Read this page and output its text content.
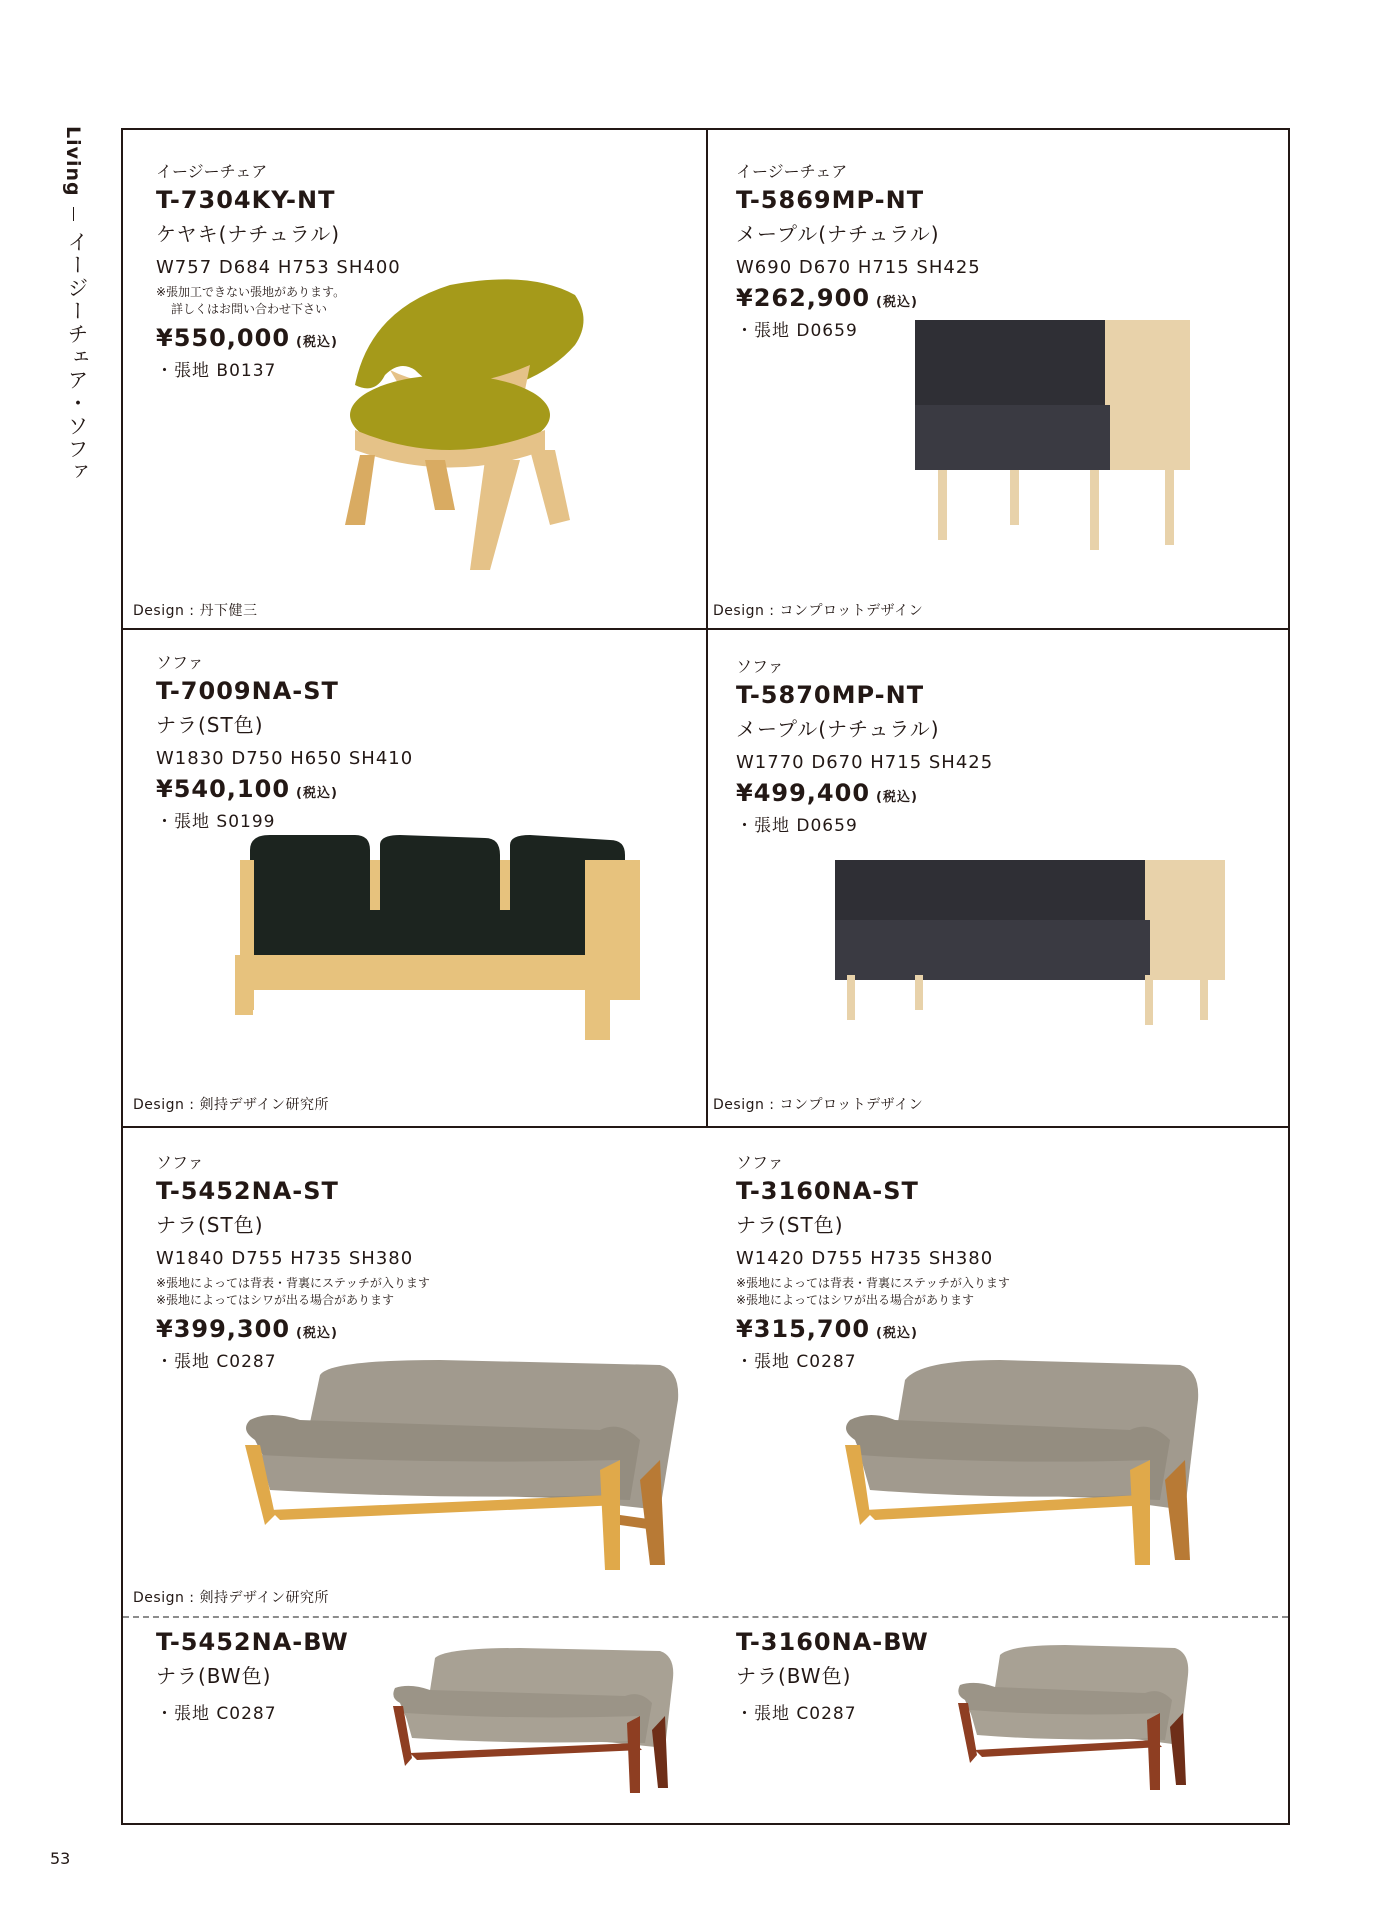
Living
イージーチェア・ソファ
イージーチェア
T-7304KY-NT
ケヤキ(ナチュラル)
W757 D684 H753 SH400
※張加工できない張地があります。
詳しくはお問い合わせ下さい
¥550,000 (税込)
・張地 B0137
Design : 丹下健三
イージーチェア
T-5869MP-NT
メープル(ナチュラル)
W690 D670 H715 SH425
¥262,900 (税込)
・張地 D0659
Design : コンプロットデザイン
ソファ
T-7009NA-ST
ナラ(ST色)
W1830 D750 H650 SH410
¥540,100 (税込)
・張地 S0199
Design : 剣持デザイン研究所
ソファ
T-5870MP-NT
メープル(ナチュラル)
W1770 D670 H715 SH425
¥499,400 (税込)
・張地 D0659
Design : コンプロットデザイン
ソファ
T-5452NA-ST
ナラ(ST色)
W1840 D755 H735 SH380
※張地によっては背表・背裏にステッチが入ります
※張地によってはシワが出る場合があります
¥399,300 (税込)
・張地 C0287
Design : 剣持デザイン研究所
ソファ
T-3160NA-ST
ナラ(ST色)
W1420 D755 H735 SH380
※張地によっては背表・背裏にステッチが入ります
※張地によってはシワが出る場合があります
¥315,700 (税込)
・張地 C0287
T-5452NA-BW
ナラ(BW色)
・張地 C0287
T-3160NA-BW
ナラ(BW色)
・張地 C0287
53
